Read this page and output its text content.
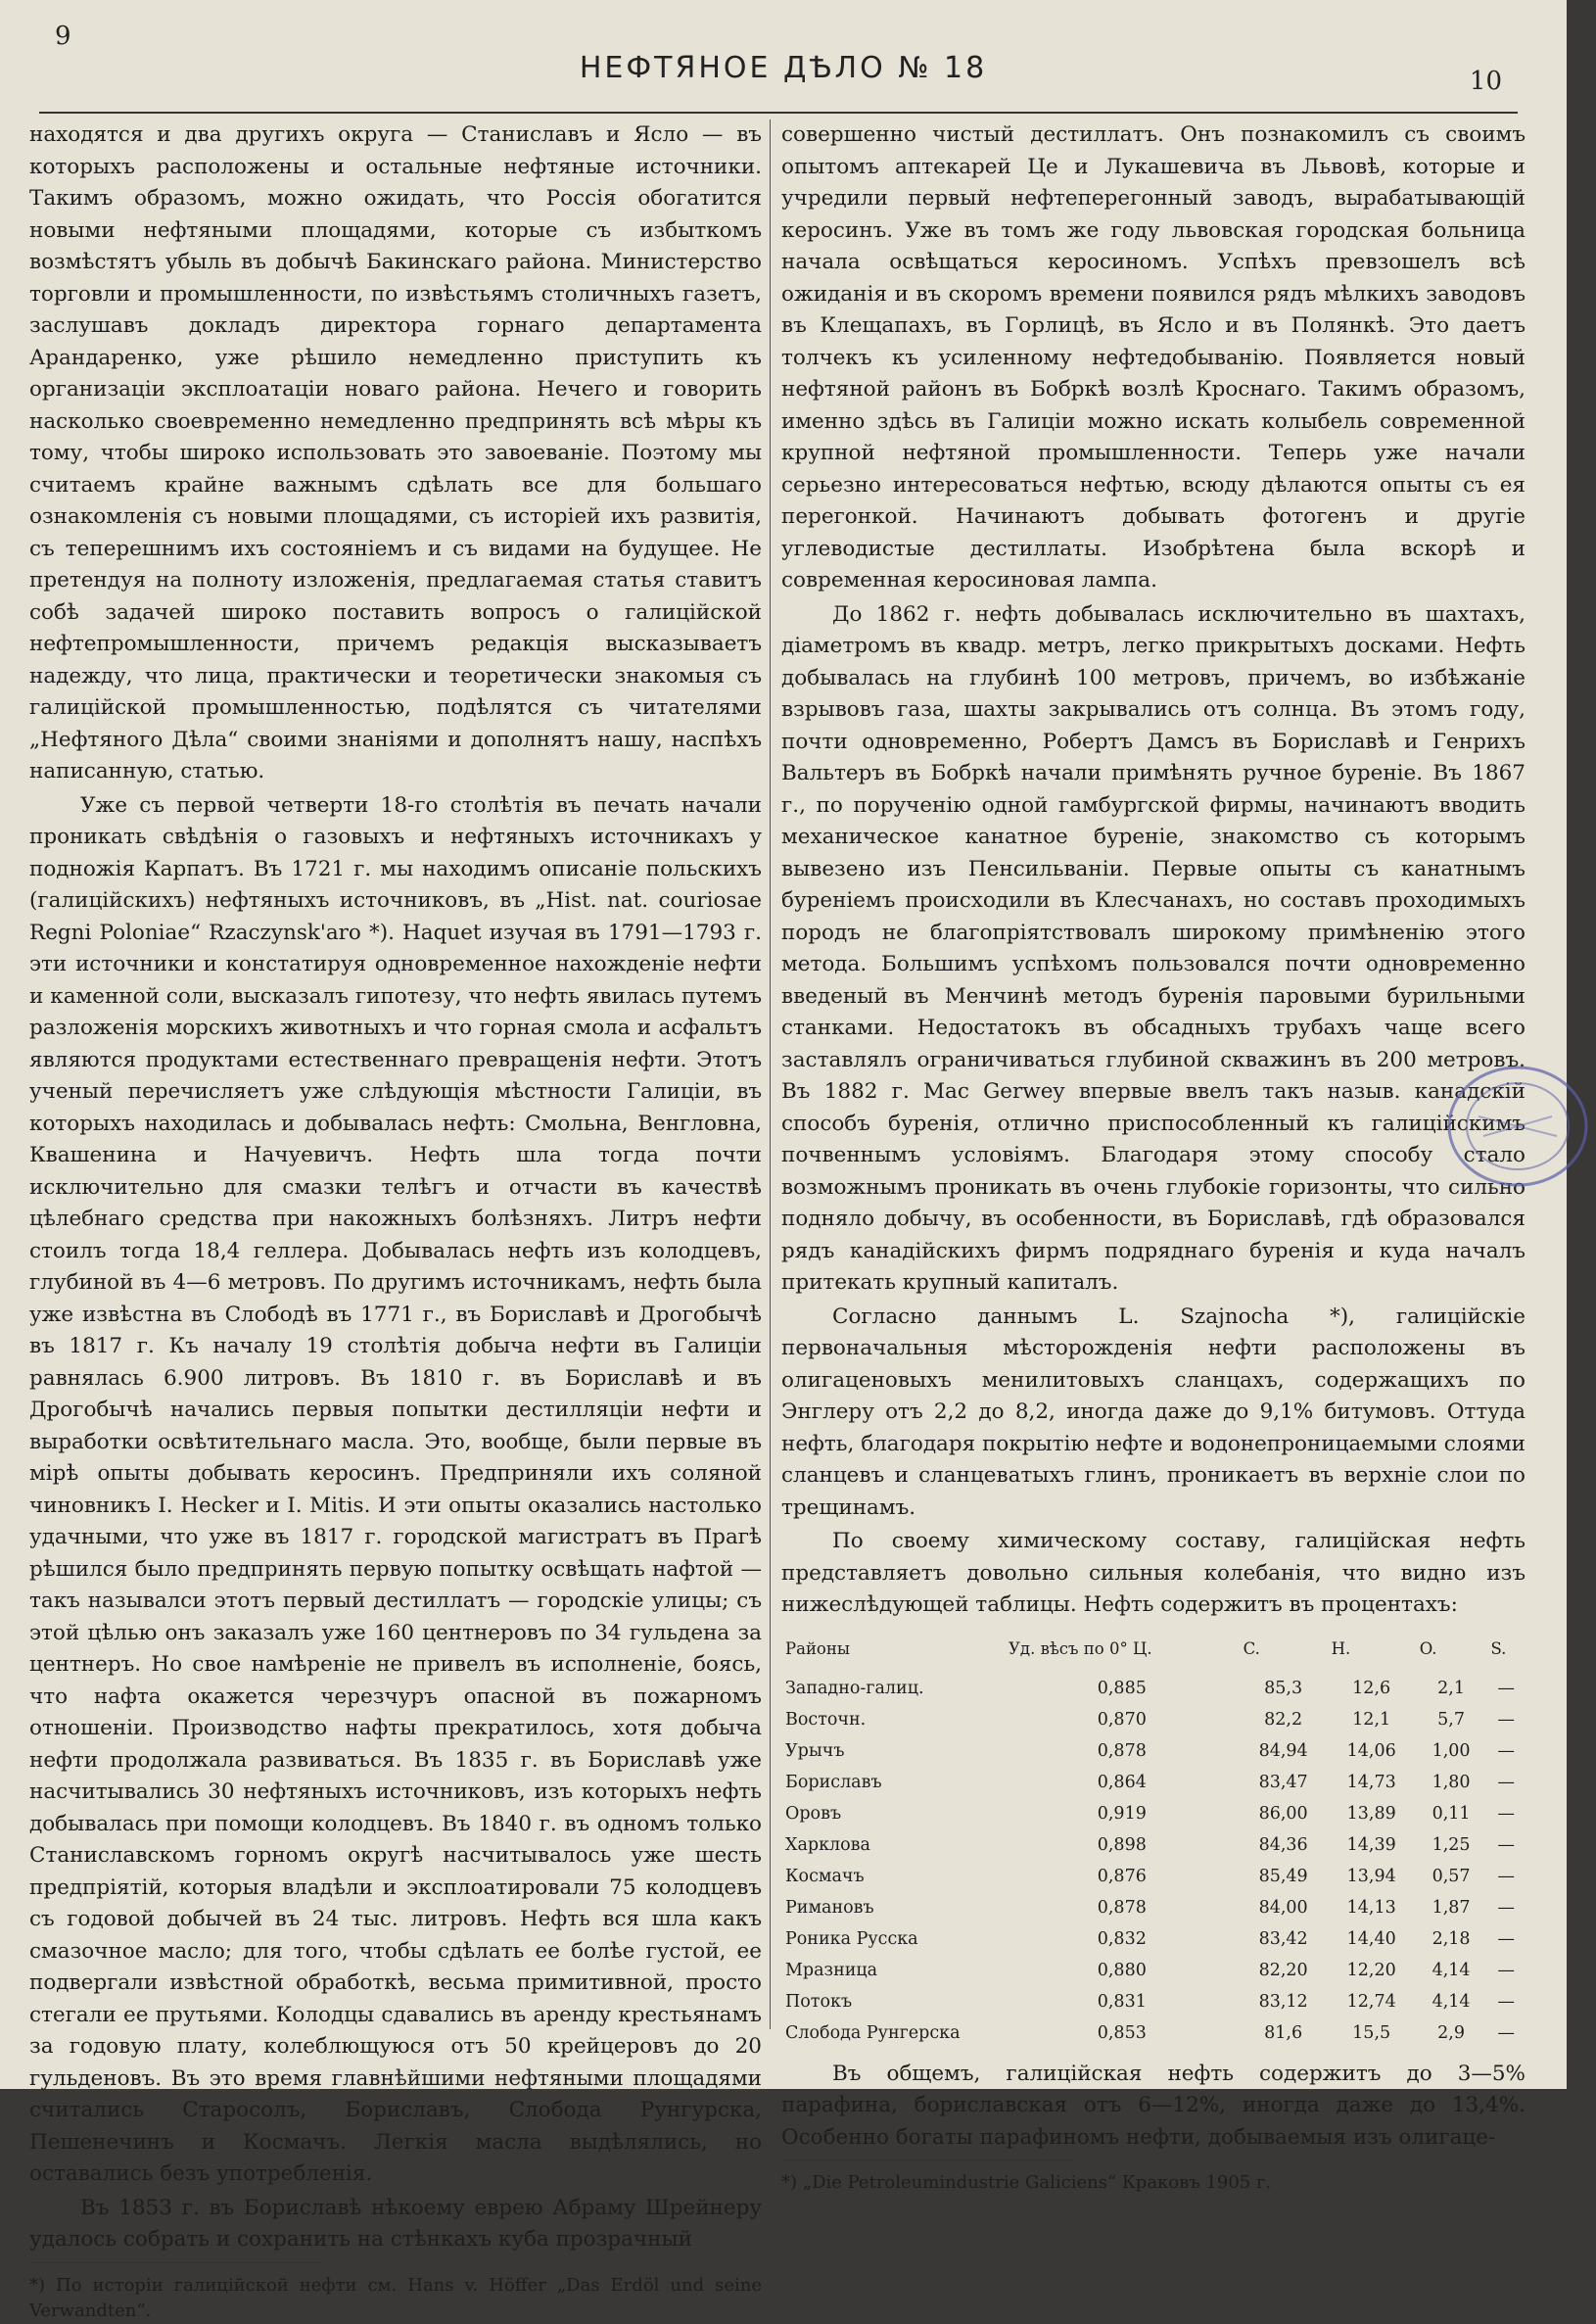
9
НЕФТЯНОЕ ДѢЛО № 18	10

находятся и два другихъ округа — Станиславъ и Ясло — въ которыхъ расположены и остальные нефтяные источники. Такимъ образомъ, можно ожидать, что Россія обогатится новыми нефтяными площадями, которые съ избыткомъ возмѣстятъ убыль въ добычѣ Бакинскаго района. Министерство торговли и промышленности, по извѣстьямъ столичныхъ газетъ, заслушавъ докладъ директора горнаго департамента Арандаренко, уже рѣшило немедленно приступить къ организаціи эксплоатаціи новаго района. Нечего и говорить насколько своевременно немедленно предпринять всѣ мѣры къ тому, чтобы широко использовать это завоеваніе. Поэтому мы считаемъ крайне важнымъ сдѣлать все для большаго ознакомленія съ новыми площадями, съ исторіей ихъ развитія, съ теперешнимъ ихъ состояніемъ и съ видами на будущее. Не претендуя на полноту изложенія, предлагаемая статья ставитъ собѣ задачей широко поставить вопросъ о галиційской нефтепромышленности, причемъ редакція высказываетъ надежду, что лица, практически и теоретически знакомыя съ галиційской промышленностью, подѣлятся съ читателями „Нефтяного Дѣла“ своими знаніями и дополнятъ нашу, наспѣхъ написанную, статью.

Уже съ первой четверти 18-го столѣтія въ печать начали проникать свѣдѣнія о газовыхъ и нефтяныхъ источникахъ у подножія Карпатъ. Въ 1721 г. мы находимъ описаніе польскихъ (галиційскихъ) нефтяныхъ источниковъ, въ „Hist. nat. couriosae Regni Poloniae“ Rzaczynsk'aro *). Haquet изучая въ 1791—1793 г. эти источники и констатируя одновременное нахожденіе нефти и каменной соли, высказалъ гипотезу, что нефть явилась путемъ разложенія морскихъ животныхъ и что горная смола и асфальтъ являются продуктами естественнаго превращенія нефти. Этотъ ученый перечисляетъ уже слѣдующія мѣстности Галиціи, въ которыхъ находилась и добывалась нефть: Смольна, Венгловна, Квашенина и Начуевичъ. Нефть шла тогда почти исключительно для смазки телѣгъ и отчасти въ качествѣ цѣлебнаго средства при накожныхъ болѣзняхъ. Литръ нефти стоилъ тогда 18,4 геллера. Добывалась нефть изъ колодцевъ, глубиной въ 4—6 метровъ. По другимъ источникамъ, нефть была уже извѣстна въ Слободѣ въ 1771 г., въ Бориславѣ и Дрогобычѣ въ 1817 г. Къ началу 19 столѣтія добыча нефти въ Галиціи равнялась 6.900 литровъ. Въ 1810 г. въ Бориславѣ и въ Дрогобычѣ начались первыя попытки дестилляціи нефти и выработки освѣтительнаго масла. Это, вообще, были первые въ мірѣ опыты добывать керосинъ. Предприняли ихъ соляной чиновникъ I. Hecker и I. Mitis. И эти опыты оказались настолько удачными, что уже въ 1817 г. городской магистратъ въ Прагѣ рѣшился было предпринять первую попытку освѣщать нафтой — такъ называлси этотъ первый дестиллатъ — городскіе улицы; съ этой цѣлью онъ заказалъ уже 160 центнеровъ по 34 гульдена за центнеръ. Но свое намѣреніе не привелъ въ исполненіе, боясь, что нафта окажется черезчуръ опасной въ пожарномъ отношеніи. Производство нафты прекратилось, хотя добыча нефти продолжала развиваться. Въ 1835 г. въ Бориславѣ уже насчитывались 30 нефтяныхъ источниковъ, изъ которыхъ нефть добывалась при помощи колодцевъ. Въ 1840 г. въ одномъ только Станиславскомъ горномъ округѣ насчитывалось уже шесть предпріятій, которыя владѣли и эксплоатировали 75 колодцевъ съ годовой добычей въ 24 тыс. литровъ. Нефть вся шла какъ смазочное масло; для того, чтобы сдѣлать ее болѣе густой, ее подвергали извѣстной обработкѣ, весьма примитивной, просто стегали ее прутьями. Колодцы сдавались въ аренду крестьянамъ за годовую плату, колеблющуюся отъ 50 крейцеровъ до 20 гульденовъ. Въ это время главнѣйшими нефтяными площадями считались Старосолъ, Бориславъ, Слобода Рунгурска, Пешенечинъ и Космачъ. Легкія масла выдѣлялись, но оставались безъ употребленія.

Въ 1853 г. въ Бориславѣ нѣкоему еврею Абраму Шрейнеру удалось собрать и сохранить на стѣнкахъ куба прозрачный

*) По исторіи галиційской нефти см. Hans v. Höffer „Das Erdöl und seine Verwandten“.

совершенно чистый дестиллатъ. Онъ познакомилъ съ своимъ опытомъ аптекарей Це и Лукашевича въ Львовѣ, которые и учредили первый нефтеперегонный заводъ, вырабатывающій керосинъ. Уже въ томъ же году львовская городская больница начала освѣщаться керосиномъ. Успѣхъ превзошелъ всѣ ожиданія и въ скоромъ времени появился рядъ мѣлкихъ заводовъ въ Клещапахъ, въ Горлицѣ, въ Ясло и въ Полянкѣ. Это даетъ толчекъ къ усиленному нефтедобыванію. Появляется новый нефтяной районъ въ Бобркѣ возлѣ Кроснаго. Такимъ образомъ, именно здѣсь въ Галиціи можно искать колыбель современной крупной нефтяной промышленности. Теперь уже начали серьезно интересоваться нефтью, всюду дѣлаются опыты съ ея перегонкой. Начинаютъ добывать фотогенъ и другіе углеводистые дестиллаты. Изобрѣтена была вскорѣ и современная керосиновая лампа.

До 1862 г. нефть добывалась исключительно въ шахтахъ, діаметромъ въ квадр. метръ, легко прикрытыхъ досками. Нефть добывалась на глубинѣ 100 метровъ, причемъ, во избѣжаніе взрывовъ газа, шахты закрывались отъ солнца. Въ этомъ году, почти одновременно, Робертъ Дамсъ въ Бориславѣ и Генрихъ Вальтеръ въ Бобркѣ начали примѣнять ручное буреніе. Въ 1867 г., по порученію одной гамбургской фирмы, начинаютъ вводить механическое канатное буреніе, знакомство съ которымъ вывезено изъ Пенсильваніи. Первые опыты съ канатнымъ буреніемъ происходили въ Клесчанахъ, но составъ проходимыхъ породъ не благопріятствовалъ широкому примѣненію этого метода. Большимъ успѣхомъ пользовался почти одновременно введеный въ Менчинѣ методъ буренія паровыми бурильными станками. Недостатокъ въ обсадныхъ трубахъ чаще всего заставлялъ ограничиваться глубиной скважинъ въ 200 метровъ. Въ 1882 г. Mac Gerwey впервые ввелъ такъ назыв. канадскій способъ буренія, отлично приспособленный къ галиційскимъ почвеннымъ условіямъ. Благодаря этому способу стало возможнымъ проникать въ очень глубокіе горизонты, что сильно подняло добычу, въ особенности, въ Бориславѣ, гдѣ образовался рядъ канадійскихъ фирмъ подряднаго буренія и куда началъ притекать крупный капиталъ.

Согласно даннымъ L. Szajnocha *), галиційскіе первоначальныя мѣсторожденія нефти расположены въ олигаценовыхъ менилитовыхъ сланцахъ, содержащихъ по Энглеру отъ 2,2 до 8,2, иногда даже до 9,1% битумовъ. Оттуда нефть, благодаря покрытію нефте и водонепроницаемыми слоями сланцевъ и сланцеватыхъ глинъ, проникаетъ въ верхніе слои по трещинамъ.

По своему химическому составу, галиційская нефть представляетъ довольно сильныя колебанія, что видно изъ нижеслѣдующей таблицы. Нефть содержитъ въ процентахъ:

Районы	Уд. вѣсъ по 0° Ц.	C.	H.	O.	S.
Западно-галиц.	0,885	85,3	12,6	2,1	—
Восточн.	0,870	82,2	12,1	5,7	—
Урычъ	0,878	84,94	14,06	1,00	—
Бориславъ	0,864	83,47	14,73	1,80	—
Оровъ	0,919	86,00	13,89	0,11	—
Харклова	0,898	84,36	14,39	1,25	—
Космачъ	0,876	85,49	13,94	0,57	—
Римановъ	0,878	84,00	14,13	1,87	—
Роника Русска	0,832	83,42	14,40	2,18	—
Мразница	0,880	82,20	12,20	4,14	—
Потокъ	0,831	83,12	12,74	4,14	—
Слобода Рунгерска	0,853	81,6	15,5	2,9	—

Въ общемъ, галиційская нефть содержитъ до 3—5% парафина, бориславская отъ 6—12%, иногда даже до 13,4%. Особенно богаты парафиномъ нефти, добываемыя изъ олигаце-

*) „Die Petroleumindustrie Galiciens“ Краковъ 1905 г.
